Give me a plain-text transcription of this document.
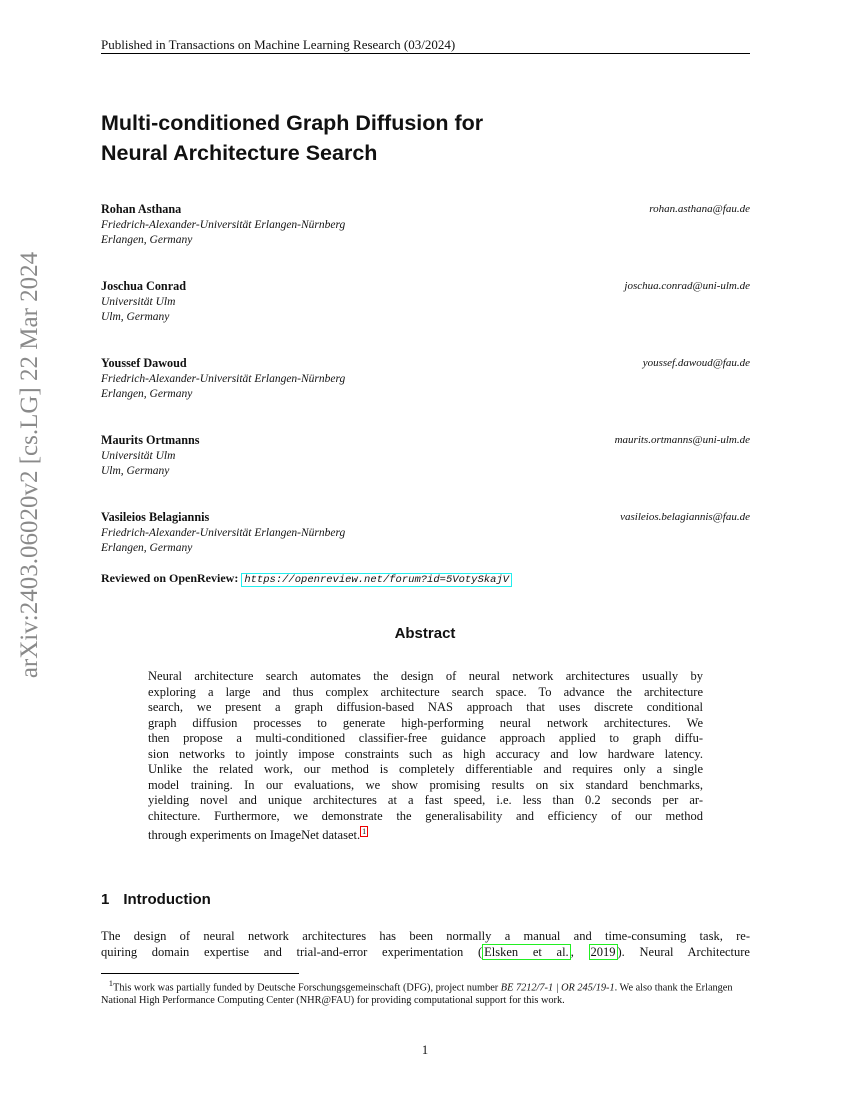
arXiv:2403.06020v2 [cs.LG] 22 Mar 2024
Published in Transactions on Machine Learning Research (03/2024)
Multi-conditioned Graph Diffusion for
Neural Architecture Search
Rohan Asthana	rohan.asthana@fau.de
Friedrich-Alexander-Universität Erlangen-Nürnberg
Erlangen, Germany
Joschua Conrad	joschua.conrad@uni-ulm.de
Universität Ulm
Ulm, Germany
Youssef Dawoud	youssef.dawoud@fau.de
Friedrich-Alexander-Universität Erlangen-Nürnberg
Erlangen, Germany
Maurits Ortmanns	maurits.ortmanns@uni-ulm.de
Universität Ulm
Ulm, Germany
Vasileios Belagiannis	vasileios.belagiannis@fau.de
Friedrich-Alexander-Universität Erlangen-Nürnberg
Erlangen, Germany
Reviewed on OpenReview: https://openreview.net/forum?id=5VotySkajV
Abstract
Neural architecture search automates the design of neural network architectures usually by
exploring a large and thus complex architecture search space. To advance the architecture
search, we present a graph diffusion-based NAS approach that uses discrete conditional
graph diffusion processes to generate high-performing neural network architectures. We
then propose a multi-conditioned classifier-free guidance approach applied to graph diffu-
sion networks to jointly impose constraints such as high accuracy and low hardware latency.
Unlike the related work, our method is completely differentiable and requires only a single
model training. In our evaluations, we show promising results on six standard benchmarks,
yielding novel and unique architectures at a fast speed, i.e. less than 0.2 seconds per ar-
chitecture. Furthermore, we demonstrate the generalisability and efficiency of our method
through experiments on ImageNet dataset. $^1$
1 Introduction
The design of neural network architectures has been normally a manual and time-consuming task, re-
quiring domain expertise and trial-and-error experimentation ( Elsken et al. , 2019 ). Neural Architecture
$^1$This work was partially funded by Deutsche Forschungsgemeinschaft (DFG), project number BE 7212/7-1 | OR 245/19-1. We also thank the Erlangen National High Performance Computing Center (NHR@FAU) for providing computational support for this work.
1
